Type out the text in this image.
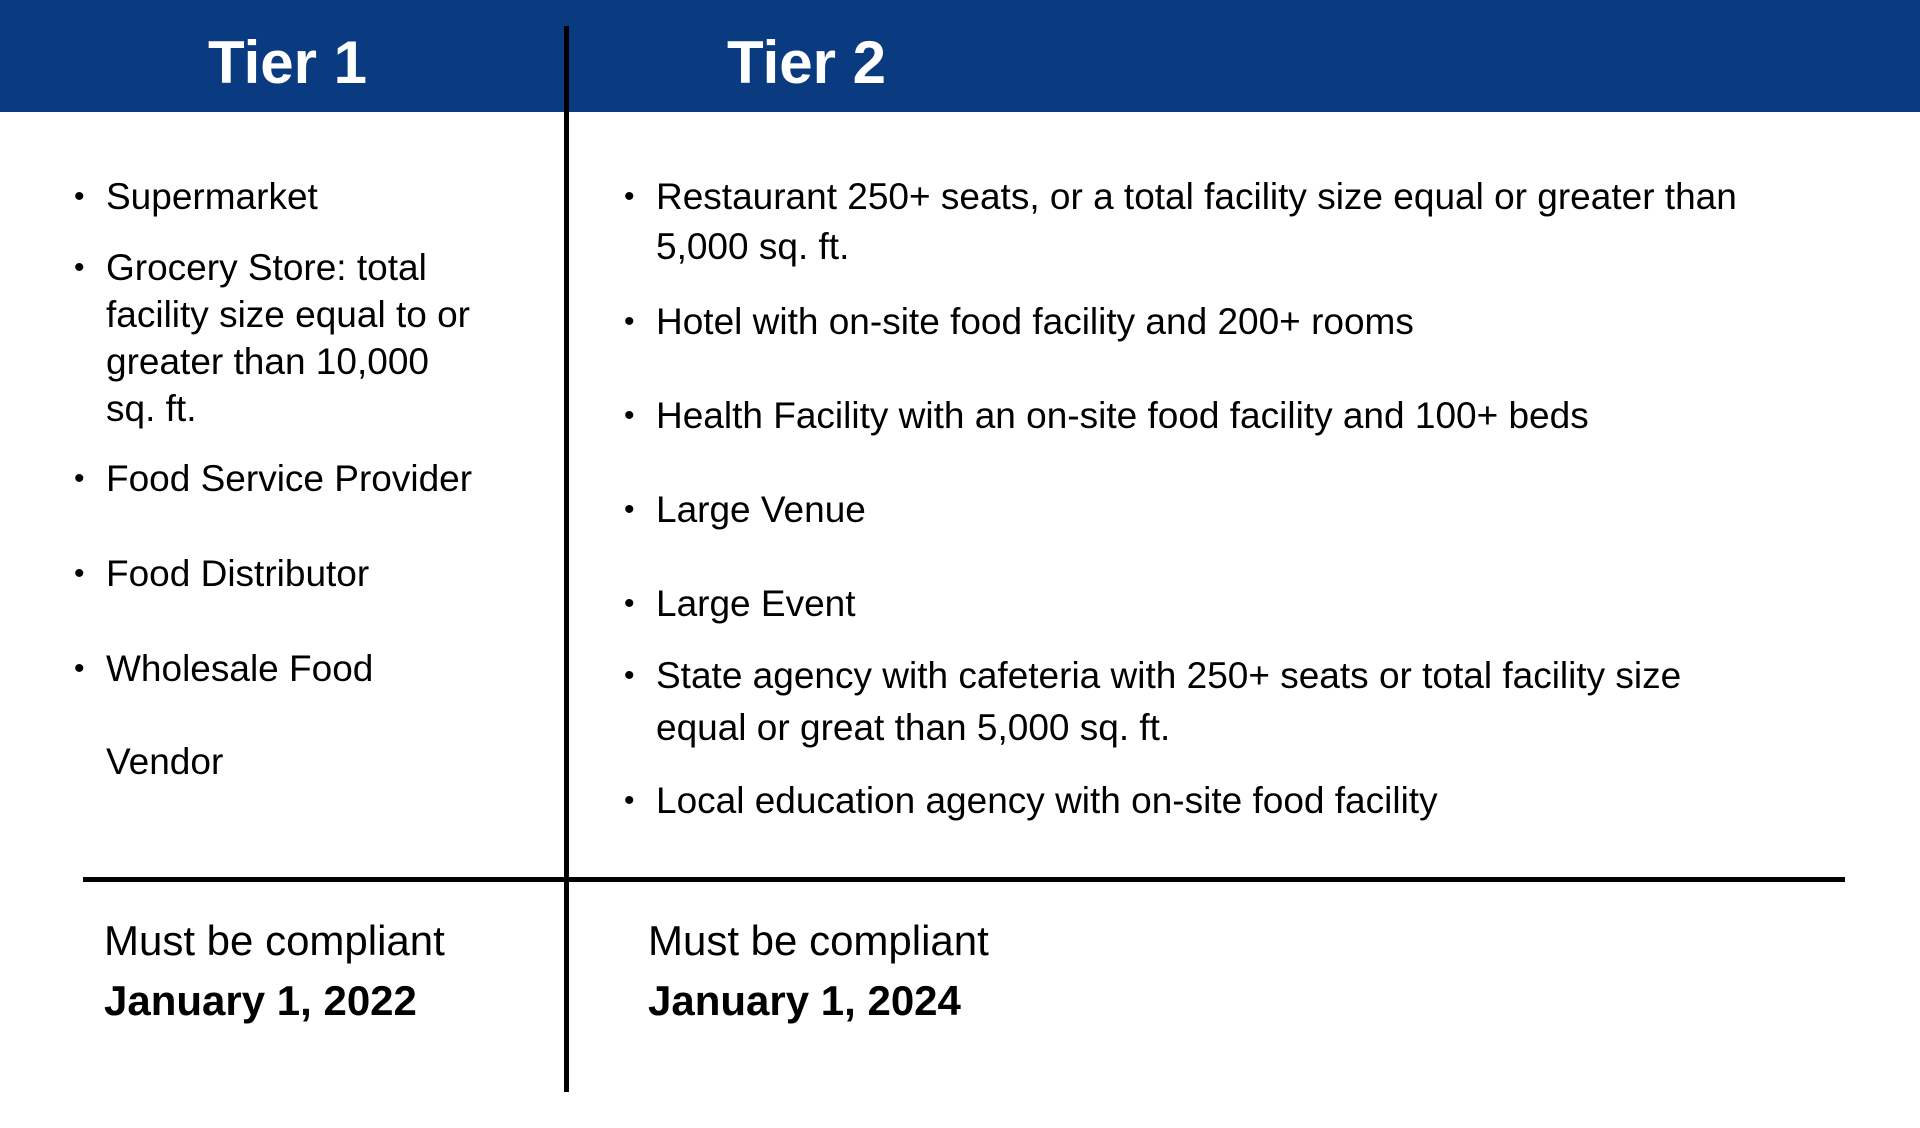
Tier 1	Tier 2
• Supermarket
• Grocery Store: total
facility size equal to or
greater than 10,000
sq. ft.
• Food Service Provider
• Food Distributor
• Wholesale Food
Vendor
• Restaurant 250+ seats, or a total facility size equal or greater than
5,000 sq. ft.
• Hotel with on-site food facility and 200+ rooms
• Health Facility with an on-site food facility and 100+ beds
• Large Venue
• Large Event
• State agency with cafeteria with 250+ seats or total facility size
equal or great than 5,000 sq. ft.
• Local education agency with on-site food facility

Must be compliant

January 1, 2022

Must be compliant

January 1, 2024
